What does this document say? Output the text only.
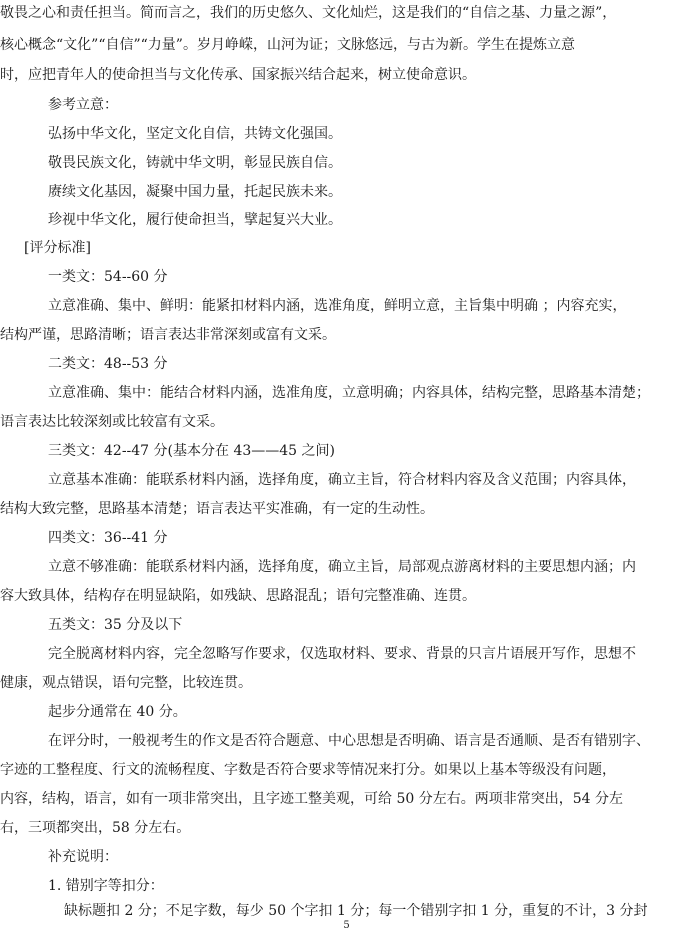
敬畏之心和责任担当。简而言之，我们的历史悠久、文化灿烂，这是我们的“自信之基、力量之源”，
核心概念“文化”“自信”“力量”。岁月峥嵘，山河为证；文脉悠远，与古为新。学生在提炼立意
时，应把青年人的使命担当与文化传承、国家振兴结合起来，树立使命意识。
参考立意：
弘扬中华文化，坚定文化自信，共铸文化强国。
敬畏民族文化，铸就中华文明，彰显民族自信。
赓续文化基因，凝聚中国力量，托起民族未来。
珍视中华文化，履行使命担当，擘起复兴大业。
[评分标准]
一类文：54--60 分
立意准确、集中、鲜明：能紧扣材料内涵，选准角度，鲜明立意，主旨集中明确 ；内容充实，
结构严谨，思路清晰；语言表达非常深刻或富有文采。
二类文：48--53 分
立意准确、集中：能结合材料内涵，选准角度，立意明确；内容具体，结构完整，思路基本清楚；
语言表达比较深刻或比较富有文采。
三类文：42--47 分(基本分在 43——45 之间)
立意基本准确：能联系材料内涵，选择角度，确立主旨，符合材料内容及含义范围；内容具体，
结构大致完整，思路基本清楚；语言表达平实准确，有一定的生动性。
四类文：36--41 分
立意不够准确：能联系材料内涵，选择角度，确立主旨，局部观点游离材料的主要思想内涵；内
容大致具体，结构存在明显缺陷，如残缺、思路混乱；语句完整准确、连贯。
五类文：35 分及以下
完全脱离材料内容，完全忽略写作要求，仅选取材料、要求、背景的只言片语展开写作，思想不
健康，观点错误，语句完整，比较连贯。
起步分通常在 40 分。
在评分时，一般视考生的作文是否符合题意、中心思想是否明确、语言是否通顺、是否有错别字、
字迹的工整程度、行文的流畅程度、字数是否符合要求等情况来打分。如果以上基本等级没有问题，
内容，结构，语言，如有一项非常突出，且字迹工整美观，可给 50 分左右。两项非常突出，54 分左
右，三项都突出，58 分左右。
补充说明：
1. 错别字等扣分：
缺标题扣 2 分；不足字数，每少 50 个字扣 1 分；每一个错别字扣 1 分，重复的不计，3 分封
5
